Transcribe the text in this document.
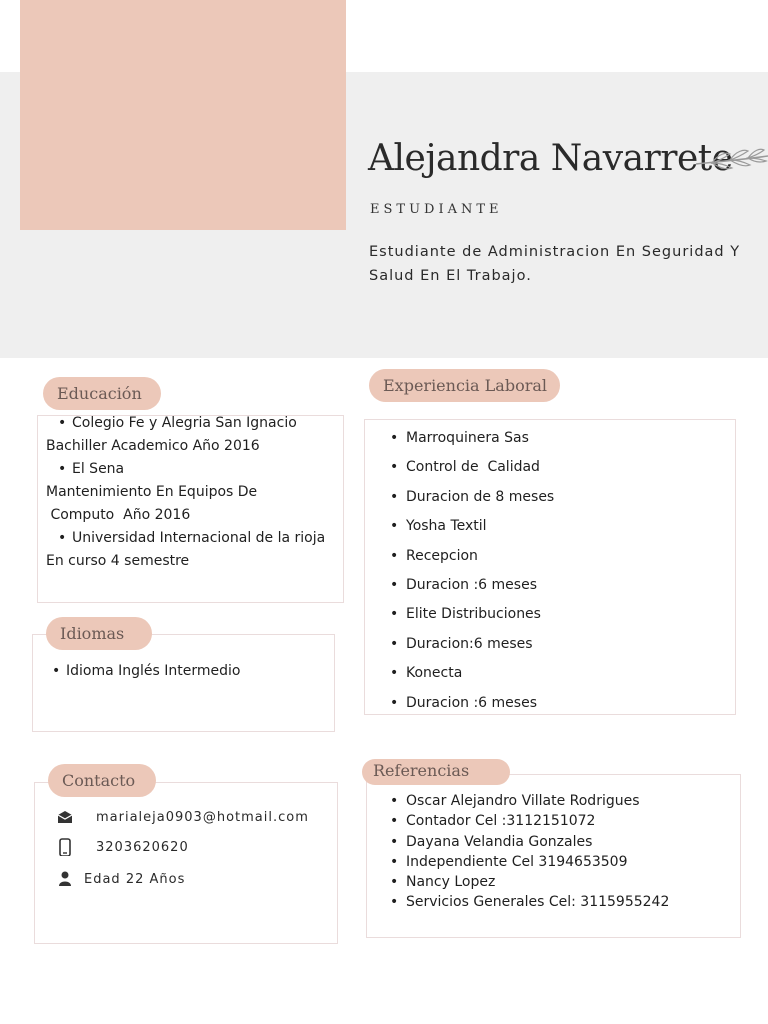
Alejandra Navarrete
ESTUDIANTE
Estudiante de Administracion En Seguridad Y Salud En El Trabajo.
Educación
• Colegio Fe y Alegria San Ignacio
Bachiller Academico Año 2016
• El Sena
Mantenimiento En Equipos De
Computo  Año 2016
• Universidad Internacional de la rioja
En curso 4 semestre
Experiencia Laboral
• Marroquinera Sas
• Control de  Calidad
• Duracion de 8 meses
• Yosha Textil
• Recepcion
• Duracion :6 meses
• Elite Distribuciones
• Duracion:6 meses
• Konecta
• Duracion :6 meses
Idiomas
• Idioma Inglés Intermedio
Contacto
marialeja0903@hotmail.com
3203620620
Edad 22 Años
Referencias
• Oscar Alejandro Villate Rodrigues
• Contador Cel :3112151072
• Dayana Velandia Gonzales
• Independiente Cel 3194653509
• Nancy Lopez
• Servicios Generales Cel: 3115955242
